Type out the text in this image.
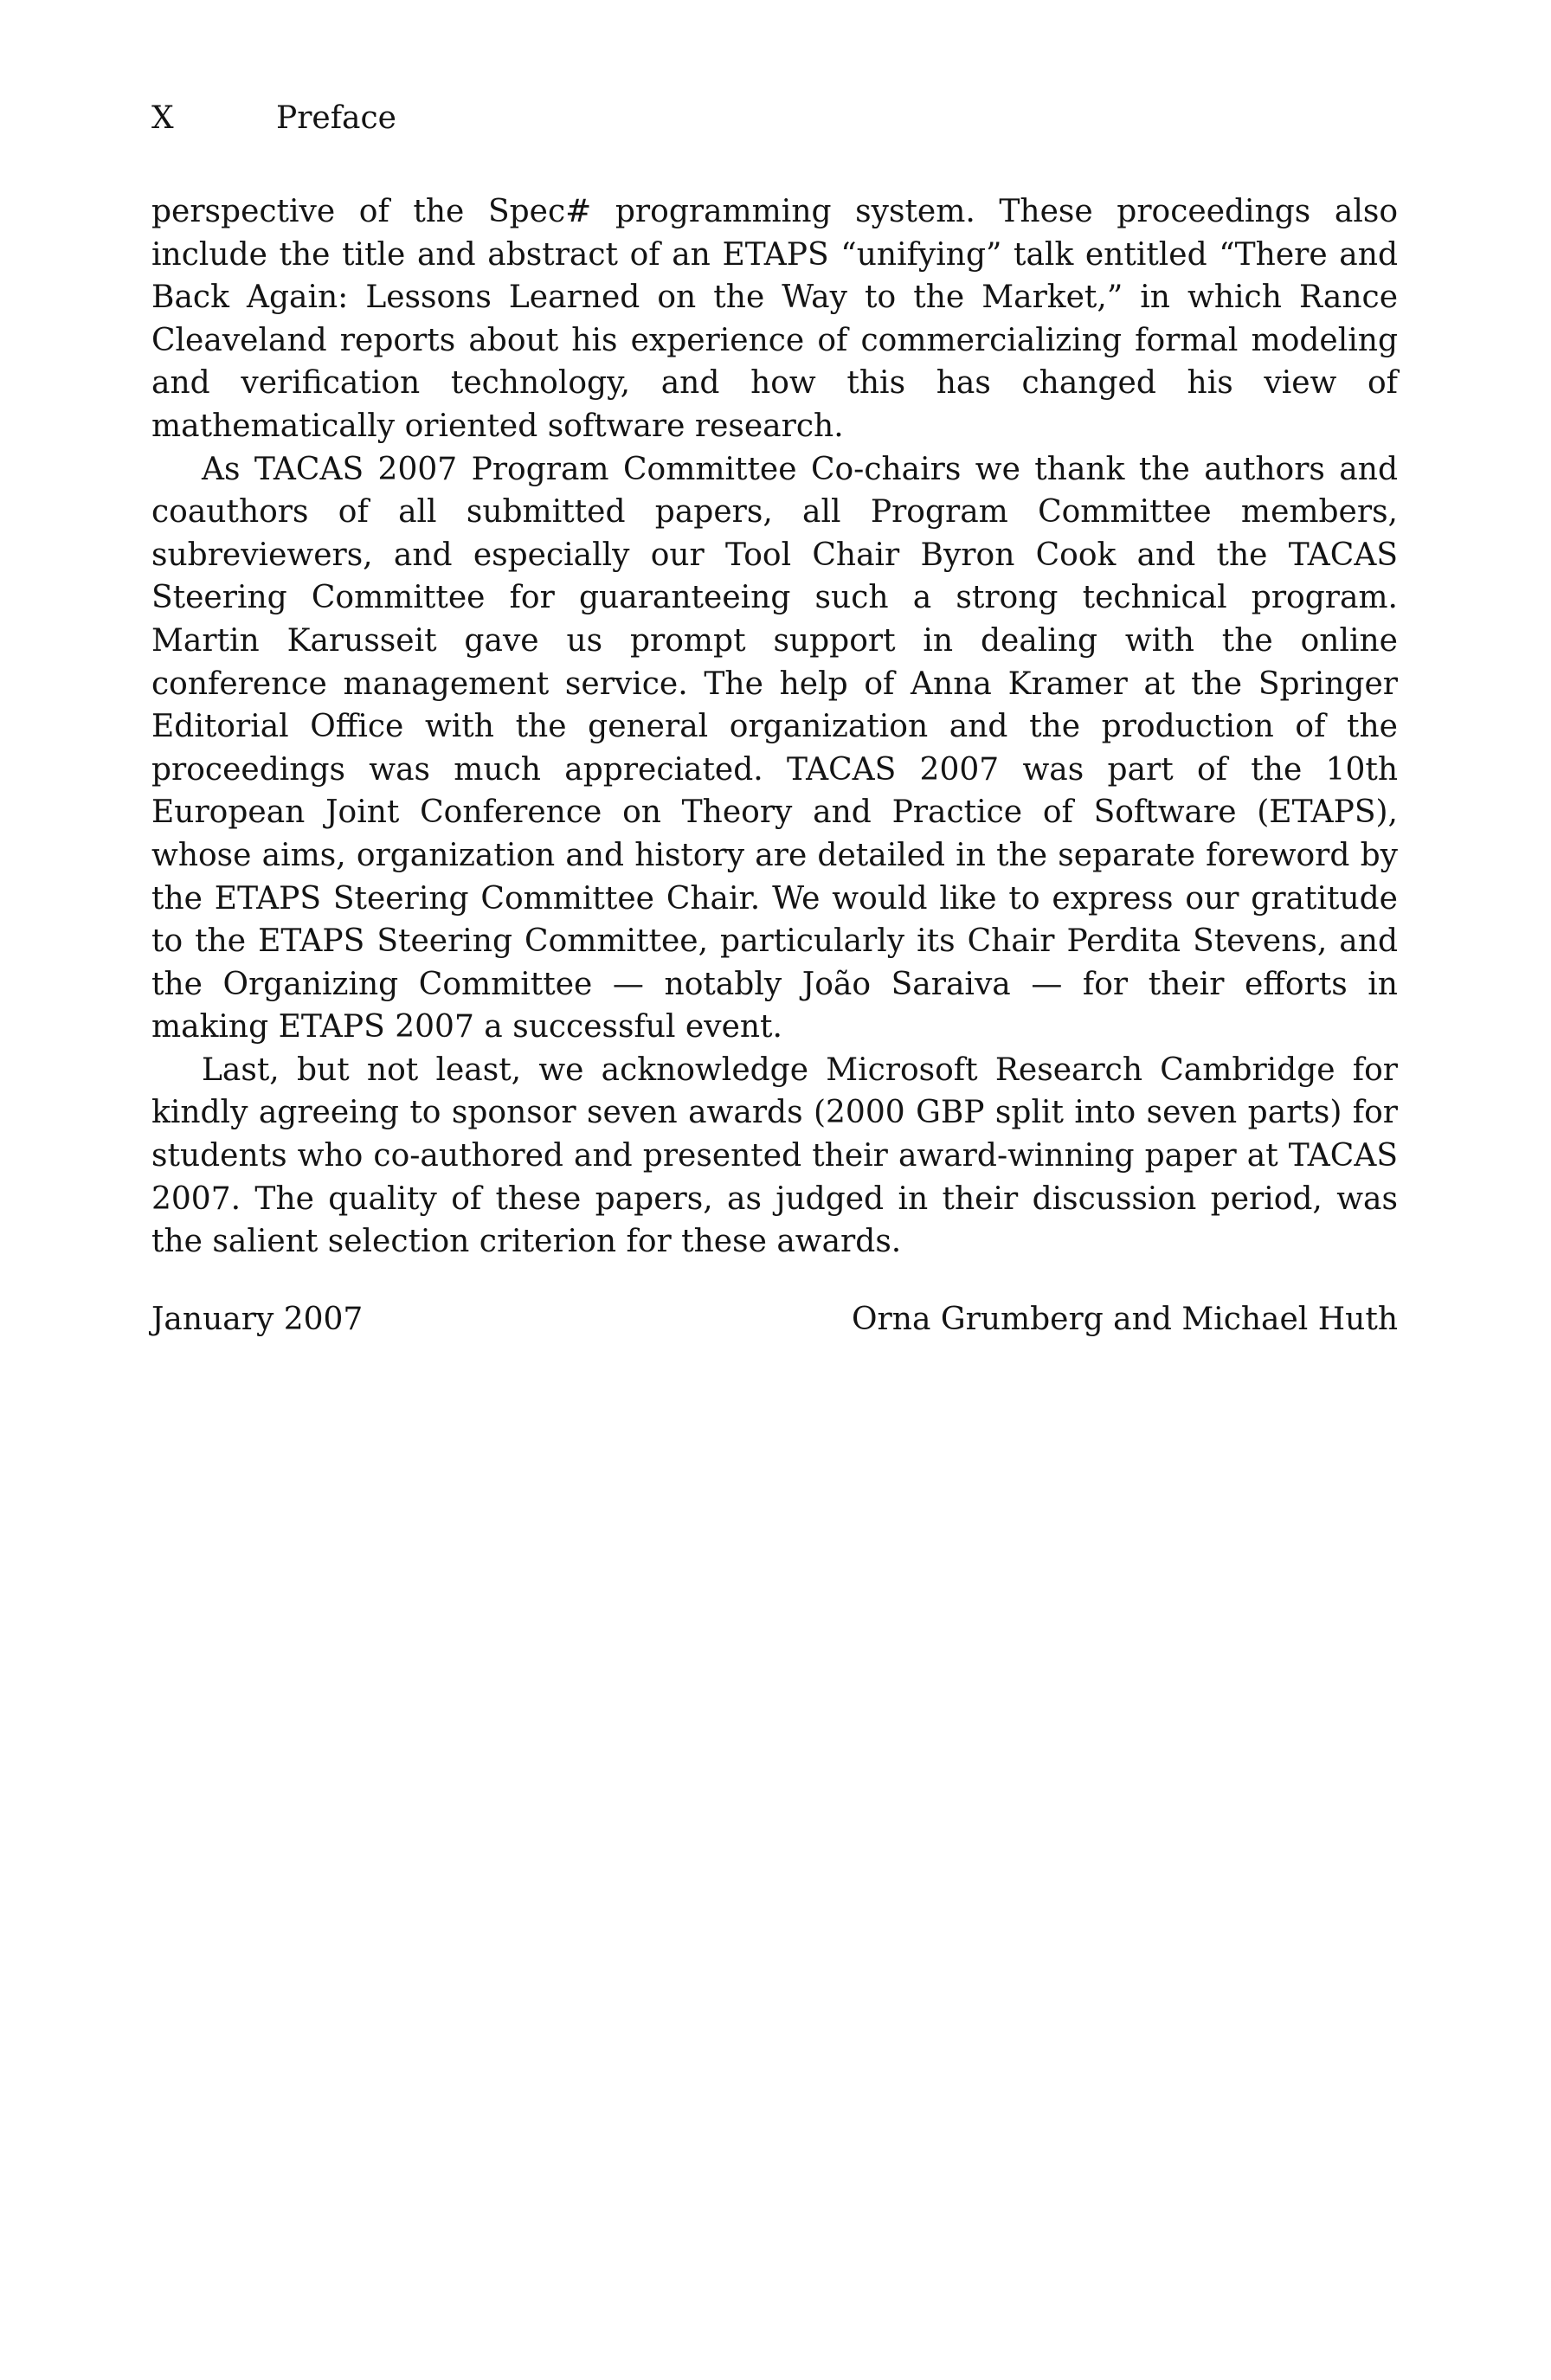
X	Preface

perspective of the Spec# programming system. These proceedings also include the title and abstract of an ETAPS “unifying” talk entitled “There and Back Again: Lessons Learned on the Way to the Market,” in which Rance Cleaveland reports about his experience of commercializing formal modeling and verification technology, and how this has changed his view of mathematically oriented software research.

As TACAS 2007 Program Committee Co-chairs we thank the authors and coauthors of all submitted papers, all Program Committee members, subreviewers, and especially our Tool Chair Byron Cook and the TACAS Steering Committee for guaranteeing such a strong technical program. Martin Karusseit gave us prompt support in dealing with the online conference management service. The help of Anna Kramer at the Springer Editorial Office with the general organization and the production of the proceedings was much appreciated. TACAS 2007 was part of the 10th European Joint Conference on Theory and Practice of Software (ETAPS), whose aims, organization and history are detailed in the separate foreword by the ETAPS Steering Committee Chair. We would like to express our gratitude to the ETAPS Steering Committee, particularly its Chair Perdita Stevens, and the Organizing Committee — notably João Saraiva — for their efforts in making ETAPS 2007 a successful event.

Last, but not least, we acknowledge Microsoft Research Cambridge for kindly agreeing to sponsor seven awards (2000 GBP split into seven parts) for students who co-authored and presented their award-winning paper at TACAS 2007. The quality of these papers, as judged in their discussion period, was the salient selection criterion for these awards.

January 2007	Orna Grumberg and Michael Huth
